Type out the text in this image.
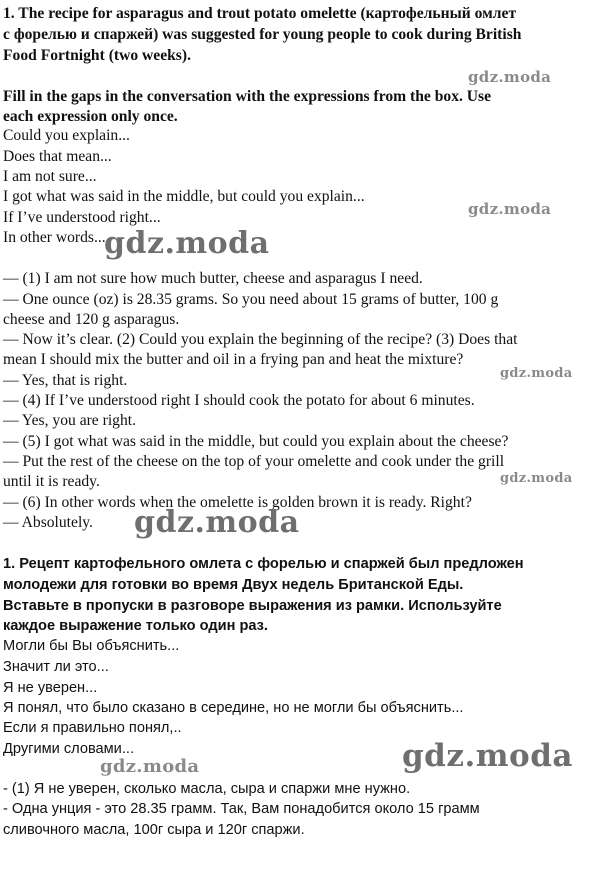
1. The recipe for asparagus and trout potato omelette (картофельный омлет
с форелью и спаржей) was suggested for young people to cook during British
Food Fortnight (two weeks).
Fill in the gaps in the conversation with the expressions from the box. Use
each expression only once.
Could you explain...
Does that mean...
I am not sure...
I got what was said in the middle, but could you explain...
If I’ve understood right...
In other words...
— (1) I am not sure how much butter, cheese and asparagus I need.
— One ounce (oz) is 28.35 grams. So you need about 15 grams of butter, 100 g
cheese and 120 g asparagus.
— Now it’s clear. (2) Could you explain the beginning of the recipe? (3) Does that
mean I should mix the butter and oil in a frying pan and heat the mixture?
— Yes, that is right.
— (4) If I’ve understood right I should cook the potato for about 6 minutes.
— Yes, you are right.
— (5) I got what was said in the middle, but could you explain about the cheese?
— Put the rest of the cheese on the top of your omelette and cook under the grill
until it is ready.
— (6) In other words when the omelette is golden brown it is ready. Right?
— Absolutely.
1. Рецепт картофельного омлета с форелью и спаржей был предложен
молодежи для готовки во время Двух недель Британской Еды.
Вставьте в пропуски в разговоре выражения из рамки. Используйте
каждое выражение только один раз.
Могли бы Вы объяснить...
Значит ли это...
Я не уверен...
Я понял, что было сказано в середине, но не могли бы объяснить...
Если я правильно понял,..
Другими словами...
- (1) Я не уверен, сколько масла, сыра и спаржи мне нужно.
- Одна унция - это 28.35 грамм. Так, Вам понадобится около 15 грамм
сливочного масла, 100г сыра и 120г спаржи.
gdz.moda
gdz.moda
gdz.moda
gdz.moda
gdz.moda
gdz.moda
gdz.moda	gdz.moda
